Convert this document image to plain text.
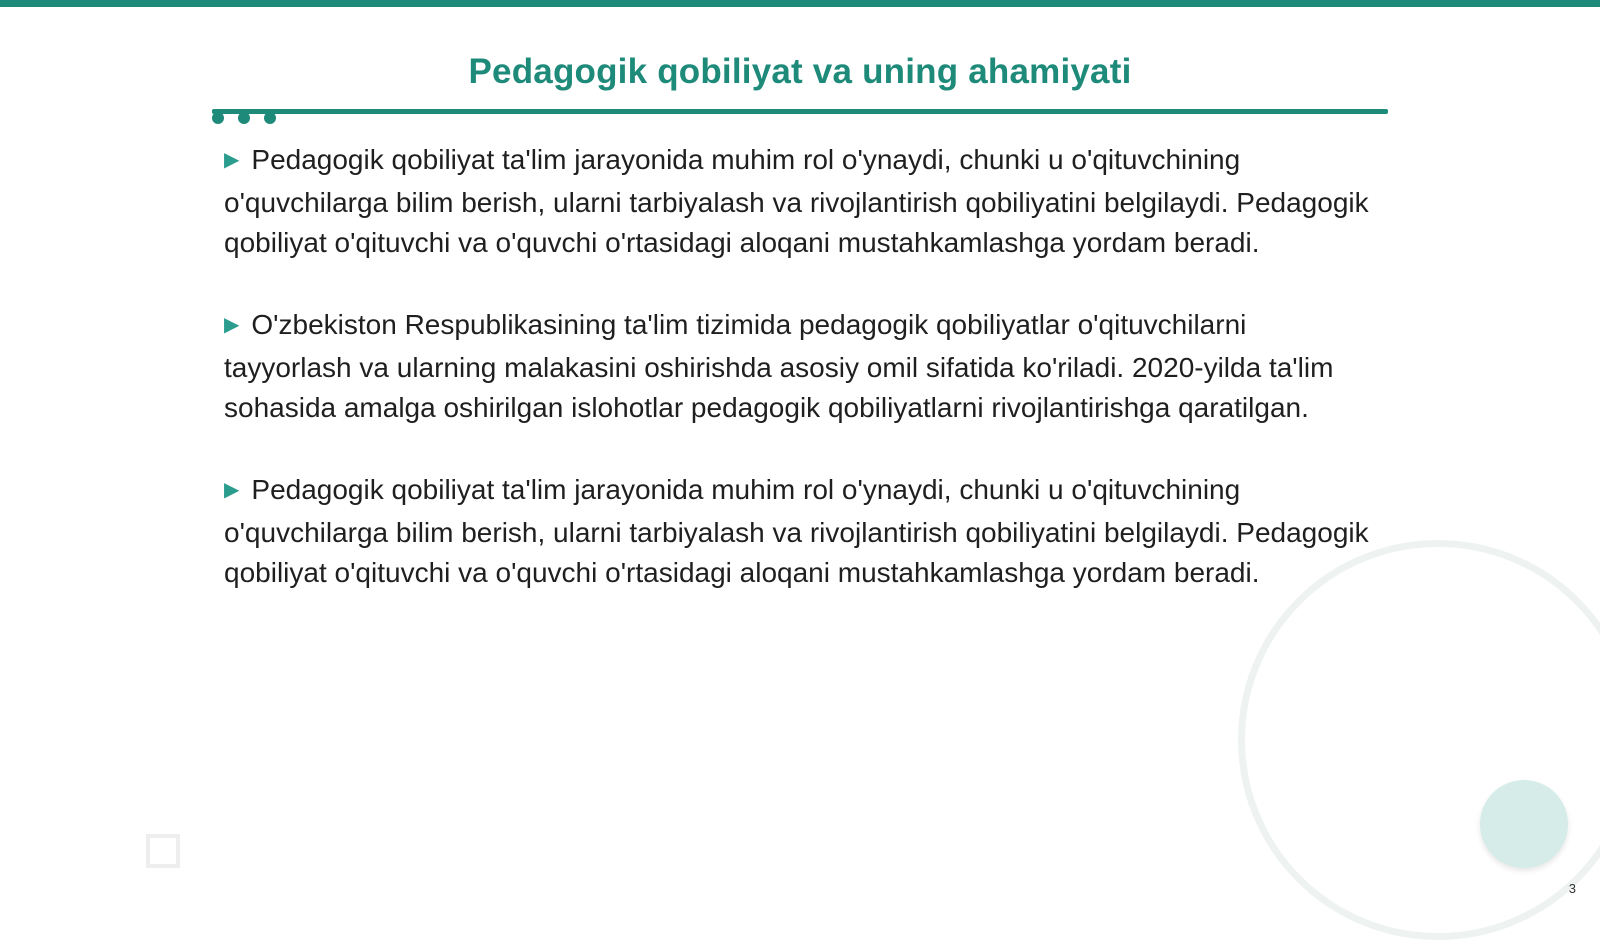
Pedagogik qobiliyat va uning ahamiyati

▶ Pedagogik qobiliyat ta'lim jarayonida muhim rol o'ynaydi, chunki u o'qituvchining o'quvchilarga bilim berish, ularni tarbiyalash va rivojlantirish qobiliyatini belgilaydi. Pedagogik qobiliyat o'qituvchi va o'quvchi o'rtasidagi aloqani mustahkamlashga yordam beradi.

▶ O'zbekiston Respublikasining ta'lim tizimida pedagogik qobiliyatlar o'qituvchilarni tayyorlash va ularning malakasini oshirishda asosiy omil sifatida ko'riladi. 2020-yilda ta'lim sohasida amalga oshirilgan islohotlar pedagogik qobiliyatlarni rivojlantirishga qaratilgan.

▶ Pedagogik qobiliyat ta'lim jarayonida muhim rol o'ynaydi, chunki u o'qituvchining o'quvchilarga bilim berish, ularni tarbiyalash va rivojlantirish qobiliyatini belgilaydi. Pedagogik qobiliyat o'qituvchi va o'quvchi o'rtasidagi aloqani mustahkamlashga yordam beradi.

3
